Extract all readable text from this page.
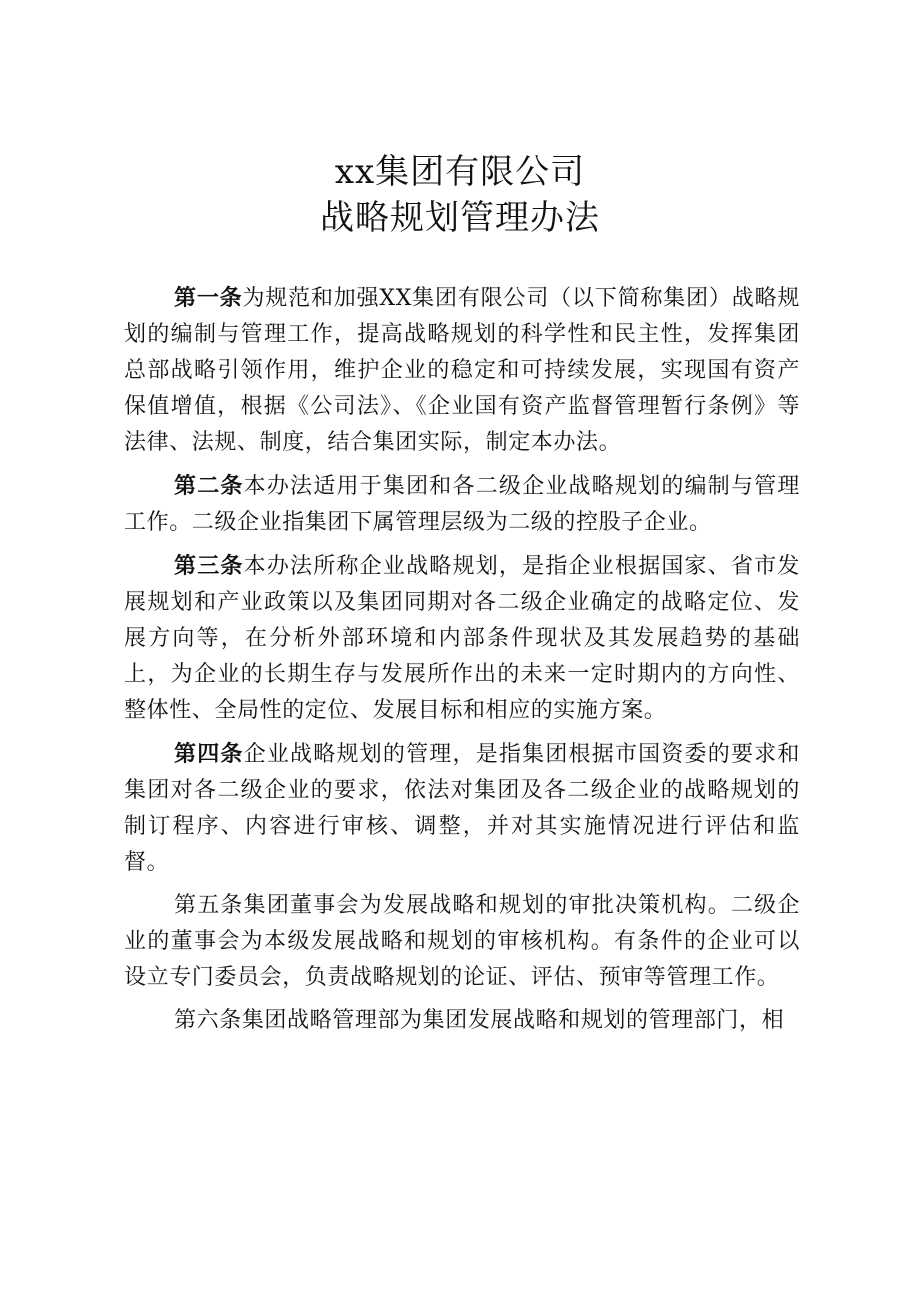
xx集团有限公司
战略规划管理办法

第一条为规范和加强XX集团有限公司（以下简称集团）战略规划的编制与管理工作，提高战略规划的科学性和民主性，发挥集团总部战略引领作用，维护企业的稳定和可持续发展，实现国有资产保值增值，根据《公司法》、《企业国有资产监督管理暂行条例》等法律、法规、制度，结合集团实际，制定本办法。

第二条本办法适用于集团和各二级企业战略规划的编制与管理工作。二级企业指集团下属管理层级为二级的控股子企业。

第三条本办法所称企业战略规划，是指企业根据国家、省市发展规划和产业政策以及集团同期对各二级企业确定的战略定位、发展方向等，在分析外部环境和内部条件现状及其发展趋势的基础上，为企业的长期生存与发展所作出的未来一定时期内的方向性、整体性、全局性的定位、发展目标和相应的实施方案。

第四条企业战略规划的管理，是指集团根据市国资委的要求和集团对各二级企业的要求，依法对集团及各二级企业的战略规划的制订程序、内容进行审核、调整，并对其实施情况进行评估和监督。

第五条集团董事会为发展战略和规划的审批决策机构。二级企业的董事会为本级发展战略和规划的审核机构。有条件的企业可以设立专门委员会，负责战略规划的论证、评估、预审等管理工作。

第六条集团战略管理部为集团发展战略和规划的管理部门，相
